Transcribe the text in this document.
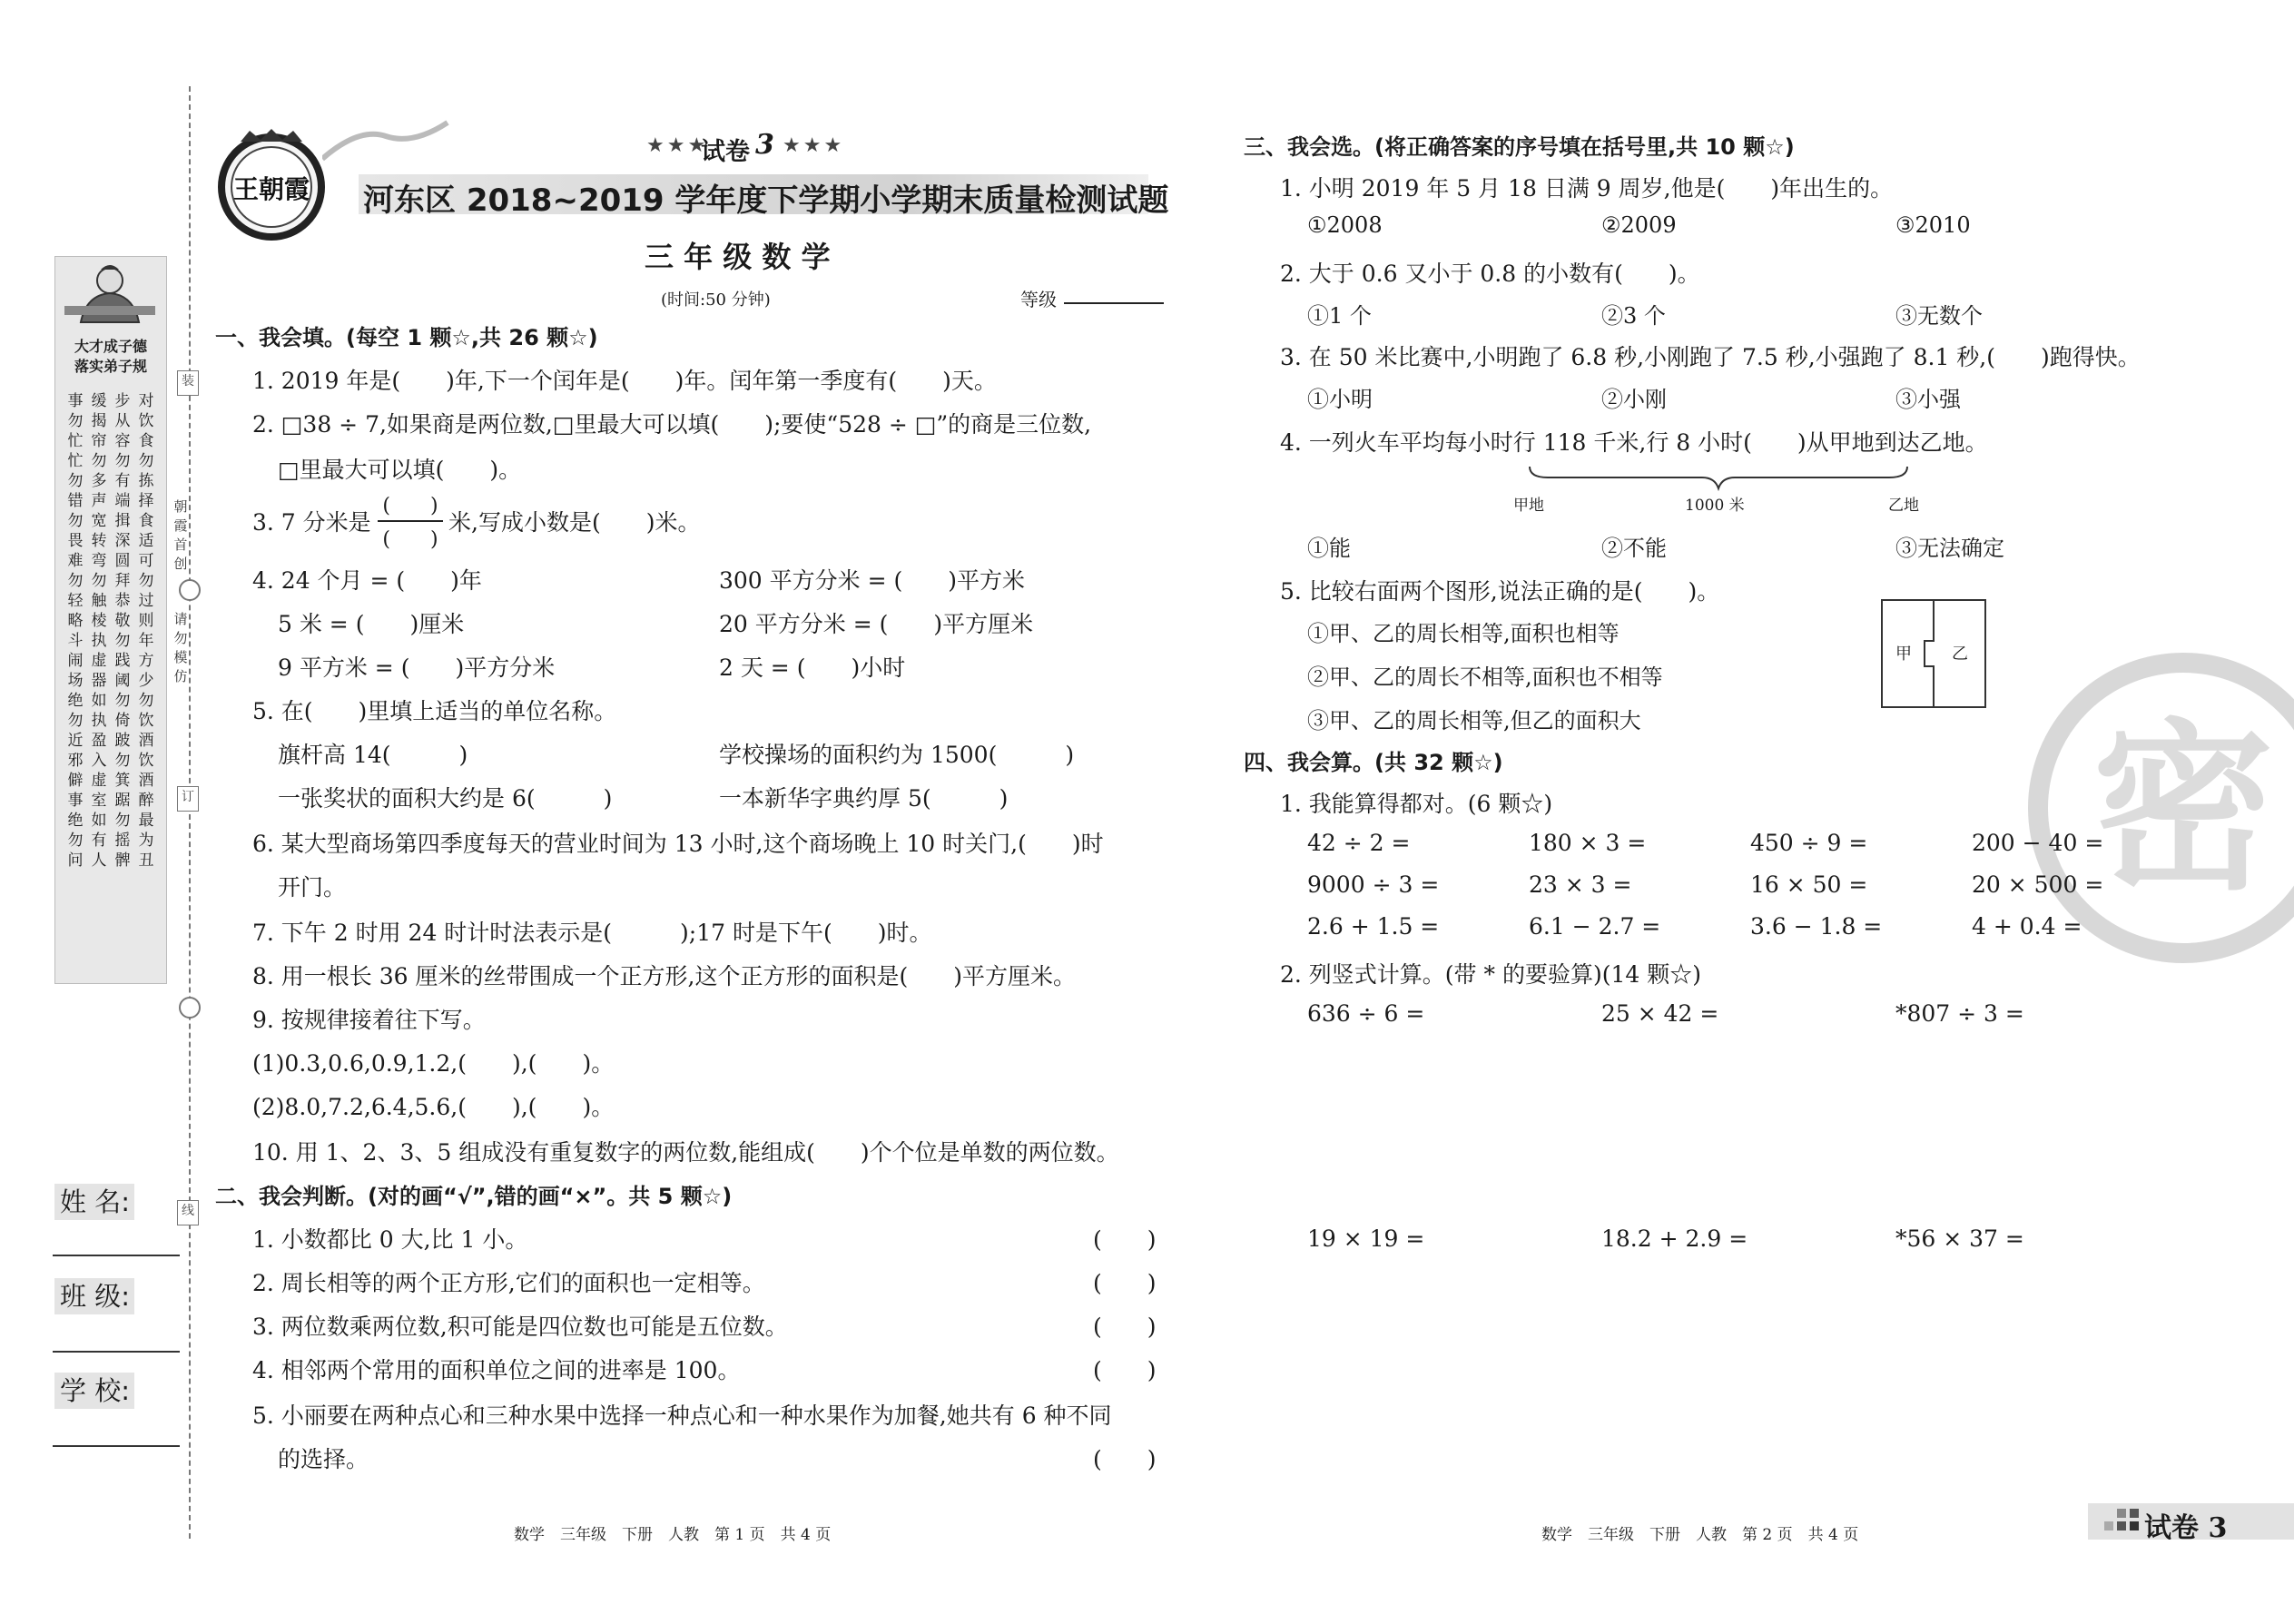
大才成子德
落实弟子规
事勿忙忙勿错勿畏难勿轻略斗闹场绝勿近邪僻事绝勿问
缓揭帘勿多声宽转弯勿触棱执虚器如执盈入虚室如有人
步从容勿有端揖深圆拜恭敬勿践阈勿倚跛勿箕踞勿摇髀
对饮食勿拣择食适可勿过则年方少勿饮酒饮酒醉最为丑
装
朝霞首创
请勿模仿
订
线
姓 名:
班 级:
学 校:
王朝霞
★★★
试卷 3 ★★★
河东区 2018~2019 学年度下学期小学期末质量检测试题
三 年 级 数 学
(时间:50 分钟)	等级
一、我会填。(每空 1 颗☆,共 26 颗☆)
1. 2019 年是(　　)年,下一个闰年是(　　)年。闰年第一季度有(　　)天。
2. □38 ÷ 7,如果商是两位数,□里最大可以填(　　);要使“528 ÷ □”的商是三位数,
□里最大可以填(　　)。
3. 7 分米是
(　　)
(　　)
米,写成小数是(　　)米。
4. 24 个月 = (　　)年	300 平方分米 = (　　)平方米
5 米 = (　　)厘米	20 平方分米 = (　　)平方厘米
9 平方米 = (　　)平方分米	2 天 = (　　)小时
5. 在(　　)里填上适当的单位名称。
旗杆高 14(　　　)	学校操场的面积约为 1500(　　　)
一张奖状的面积大约是 6(　　　)	一本新华字典约厚 5(　　　)
6. 某大型商场第四季度每天的营业时间为 13 小时,这个商场晚上 10 时关门,(　　)时
开门。
7. 下午 2 时用 24 时计时法表示是(　　　);17 时是下午(　　)时。
8. 用一根长 36 厘米的丝带围成一个正方形,这个正方形的面积是(　　)平方厘米。
9. 按规律接着往下写。
(1)0.3,0.6,0.9,1.2,(　　),(　　)。
(2)8.0,7.2,6.4,5.6,(　　),(　　)。
10. 用 1、2、3、5 组成没有重复数字的两位数,能组成(　　)个个位是单数的两位数。
二、我会判断。(对的画“√”,错的画“×”。共 5 颗☆)
1. 小数都比 0 大,比 1 小。	(　　)
2. 周长相等的两个正方形,它们的面积也一定相等。	(　　)
3. 两位数乘两位数,积可能是四位数也可能是五位数。	(　　)
4. 相邻两个常用的面积单位之间的进率是 100。	(　　)
5. 小丽要在两种点心和三种水果中选择一种点心和一种水果作为加餐,她共有 6 种不同
的选择。	(　　)
数学　三年级　下册　人教　第 1 页　共 4 页
密
三、我会选。(将正确答案的序号填在括号里,共 10 颗☆)
1. 小明 2019 年 5 月 18 日满 9 周岁,他是(　　)年出生的。
①2008	②2009	③2010
2. 大于 0.6 又小于 0.8 的小数有(　　)。
①1 个	②3 个	③无数个
3. 在 50 米比赛中,小明跑了 6.8 秒,小刚跑了 7.5 秒,小强跑了 8.1 秒,(　　)跑得快。
①小明	②小刚	③小强
4. 一列火车平均每小时行 118 千米,行 8 小时(　　)从甲地到达乙地。
甲地	1000 米	乙地
①能	②不能	③无法确定
5. 比较右面两个图形,说法正确的是(　　)。
①甲、乙的周长相等,面积也相等
②甲、乙的周长不相等,面积也不相等
③甲、乙的周长相等,但乙的面积大
甲 乙
四、我会算。(共 32 颗☆)
1. 我能算得都对。(6 颗☆)
42 ÷ 2 =	180 × 3 =	450 ÷ 9 =	200 − 40 =
9000 ÷ 3 =	23 × 3 =	16 × 50 =	20 × 500 =
2.6 + 1.5 =	6.1 − 2.7 =	3.6 − 1.8 =	4 + 0.4 =
2. 列竖式计算。(带 * 的要验算)(14 颗☆)
636 ÷ 6 =	25 × 42 =	*807 ÷ 3 =
19 × 19 =	18.2 + 2.9 =	*56 × 37 =
数学　三年级　下册　人教　第 2 页　共 4 页	试卷 3
